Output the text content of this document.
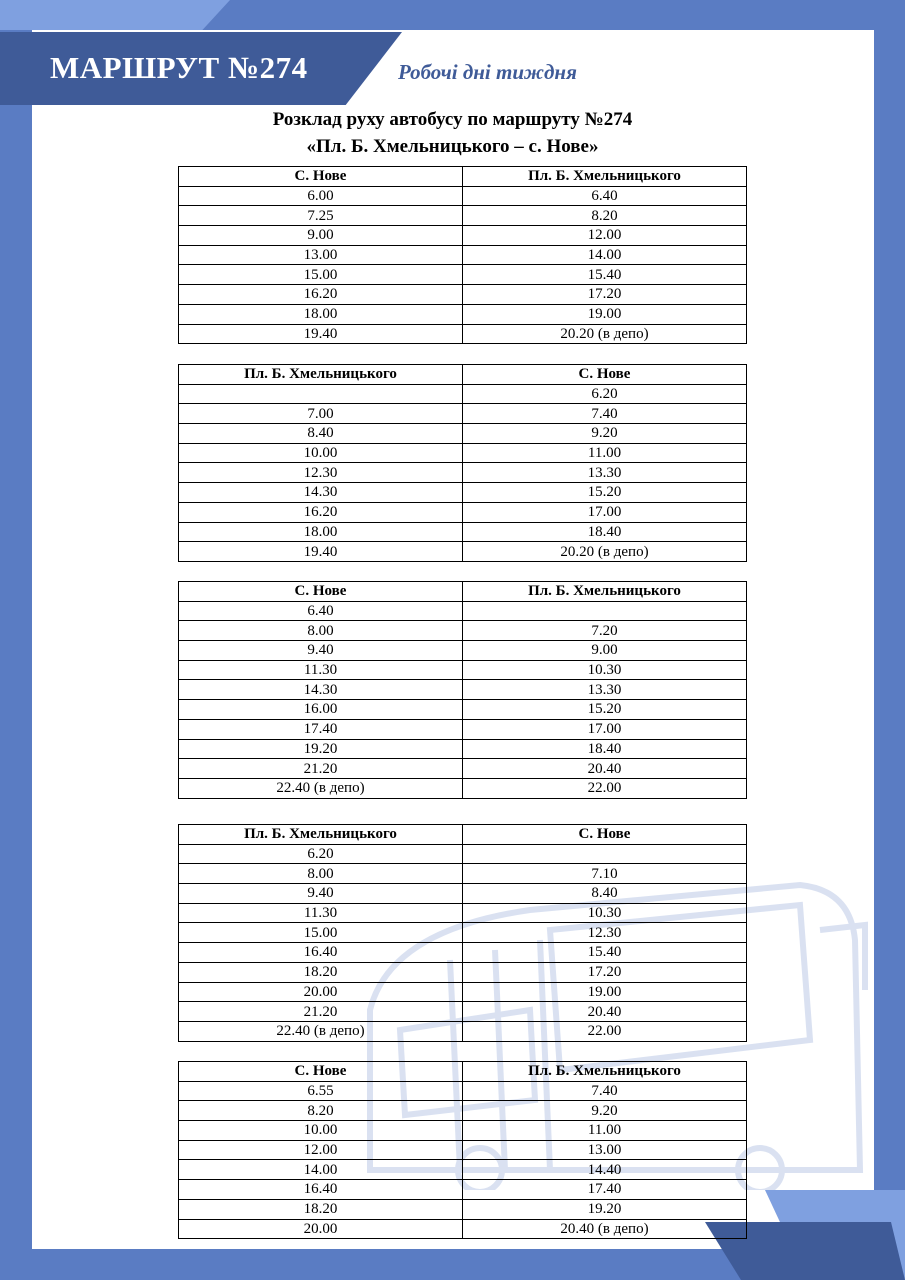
МАРШРУТ №274	Робочі дні тиждня
Розклад руху автобусу по маршруту №274
«Пл. Б. Хмельницького – с. Нове»
С. Нове	Пл. Б. Хмельницького
6.00	6.40
7.25	8.20
9.00	12.00
13.00	14.00
15.00	15.40
16.20	17.20
18.00	19.00
19.40	20.20 (в депо)
Пл. Б. Хмельницького	С. Нове
	6.20
7.00	7.40
8.40	9.20
10.00	11.00
12.30	13.30
14.30	15.20
16.20	17.00
18.00	18.40
19.40	20.20 (в депо)
С. Нове	Пл. Б. Хмельницького
6.40	
8.00	7.20
9.40	9.00
11.30	10.30
14.30	13.30
16.00	15.20
17.40	17.00
19.20	18.40
21.20	20.40
22.40 (в депо)	22.00
Пл. Б. Хмельницького	С. Нове
6.20	
8.00	7.10
9.40	8.40
11.30	10.30
15.00	12.30
16.40	15.40
18.20	17.20
20.00	19.00
21.20	20.40
22.40 (в депо)	22.00
С. Нове	Пл. Б. Хмельницького
6.55	7.40
8.20	9.20
10.00	11.00
12.00	13.00
14.00	14.40
16.40	17.40
18.20	19.20
20.00	20.40 (в депо)
